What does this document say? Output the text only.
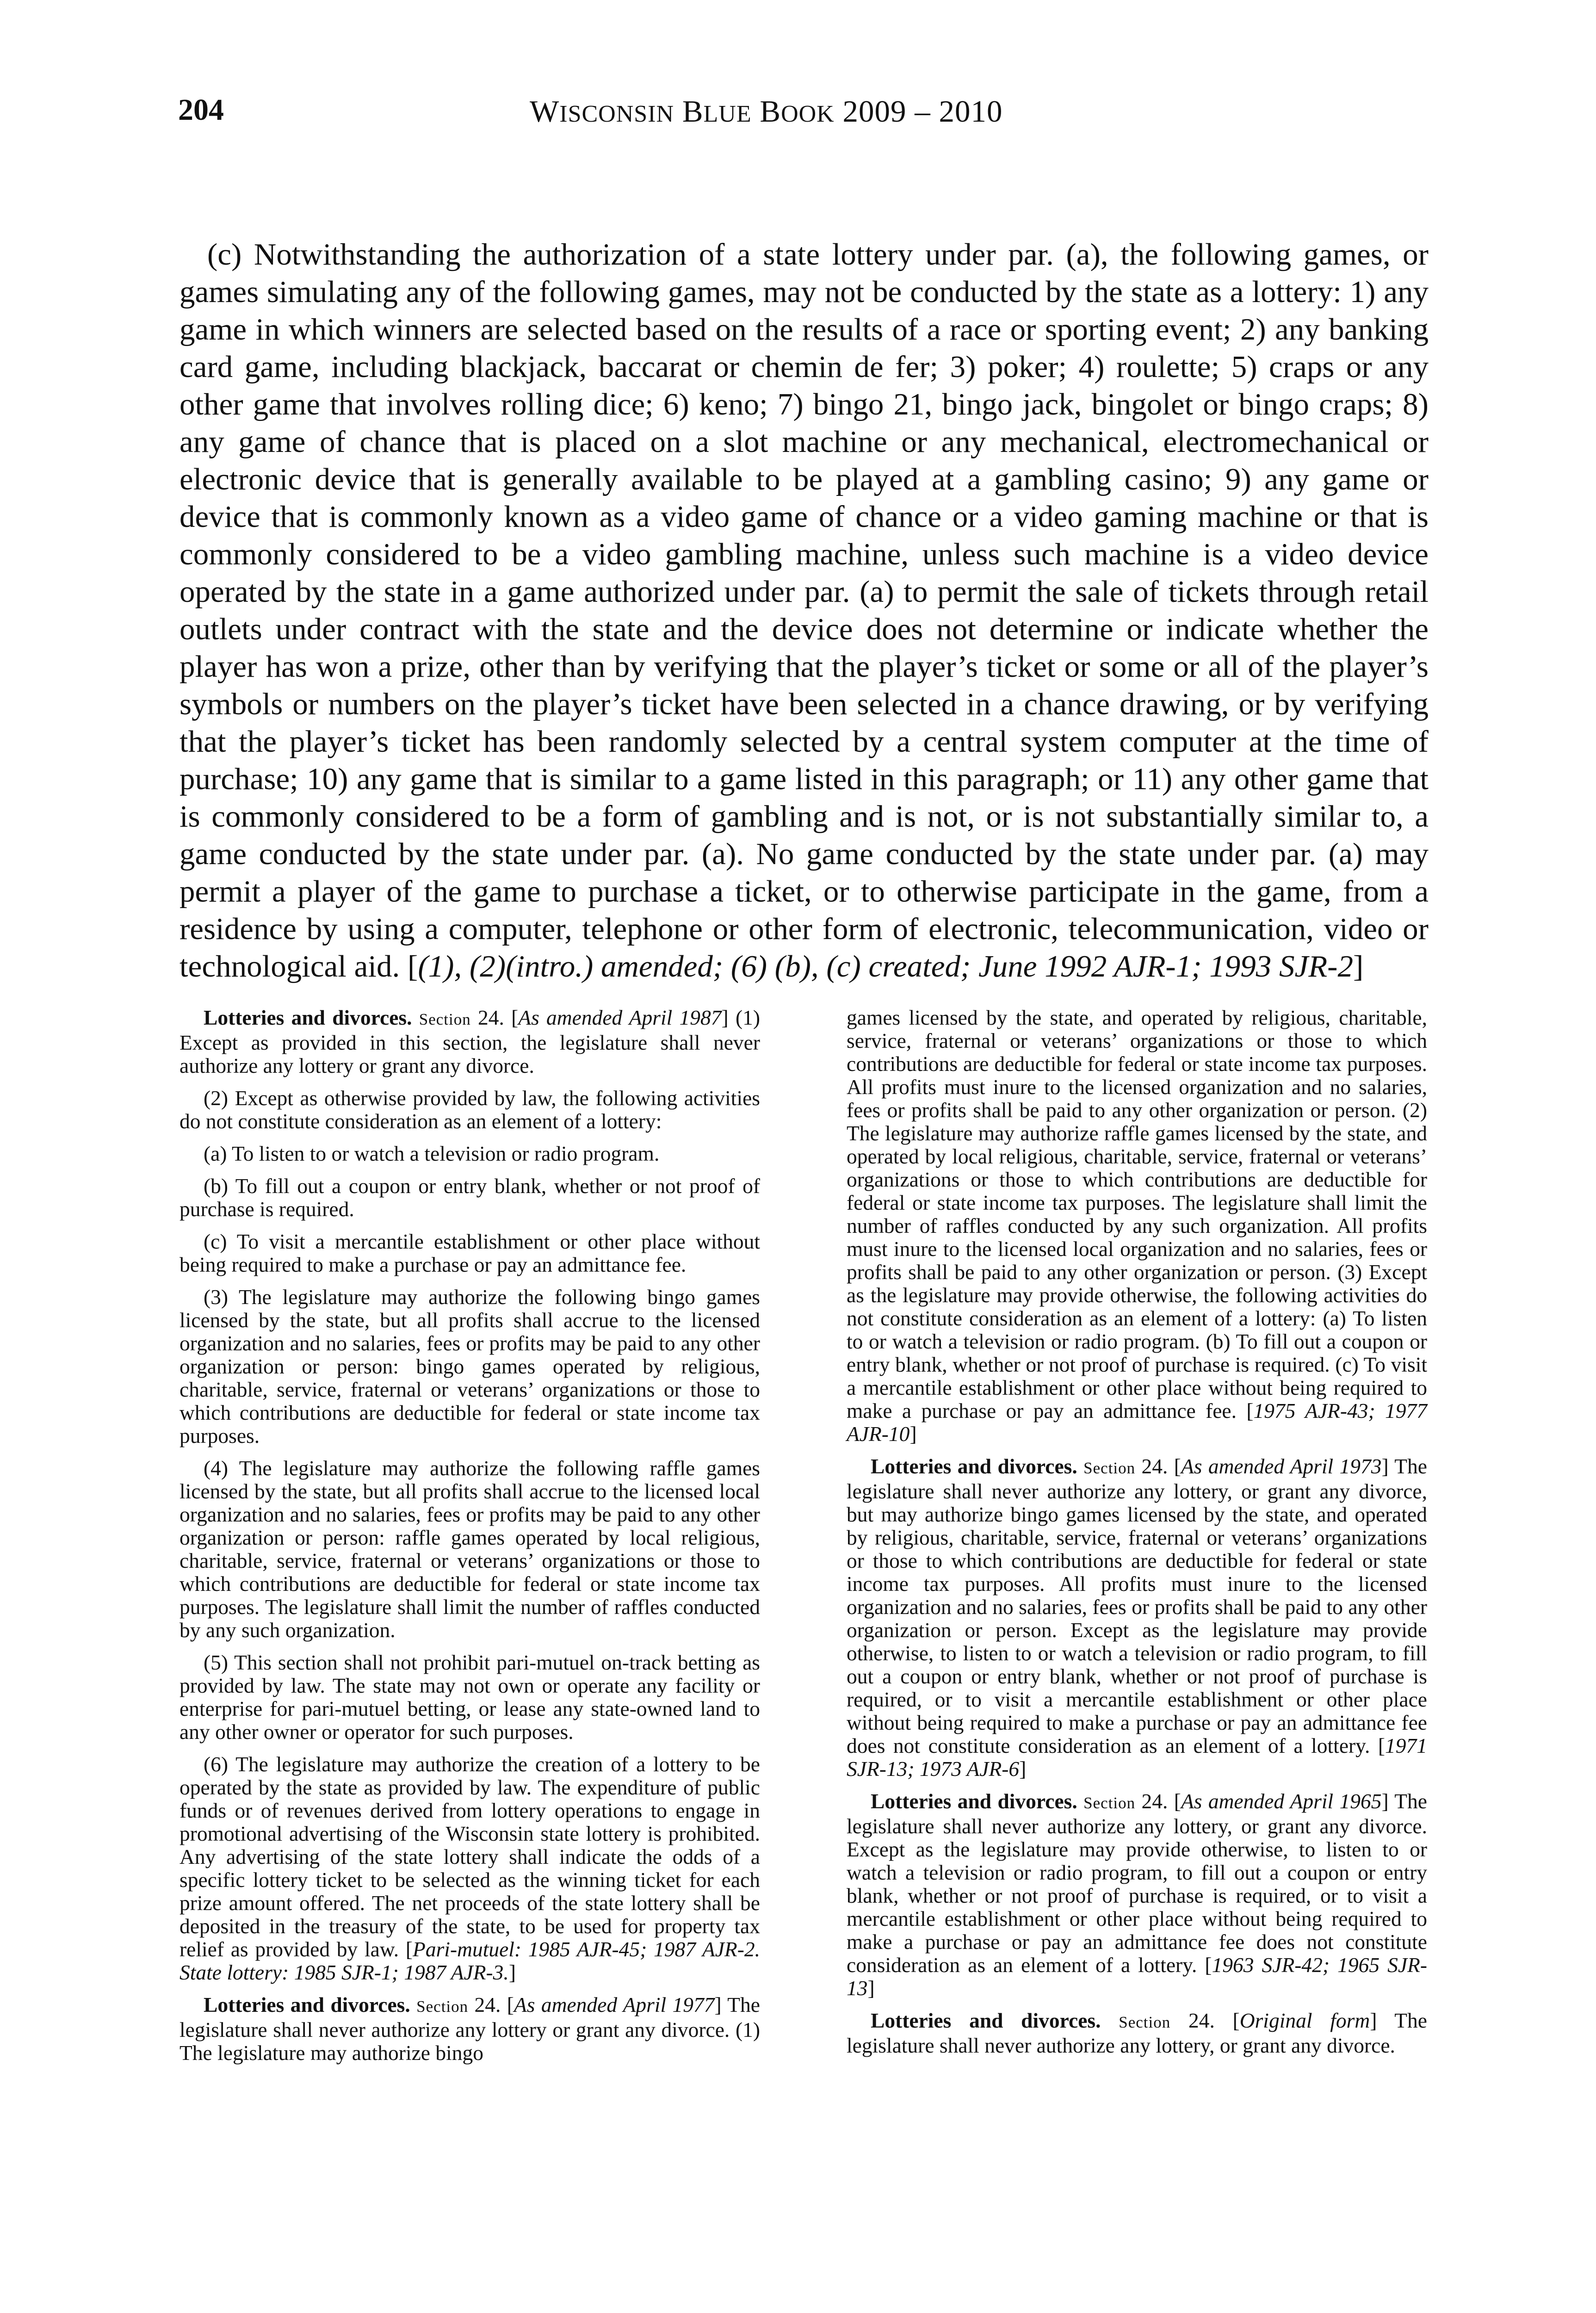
204	WISCONSIN BLUE BOOK 2009 – 2010

(c) Notwithstanding the authorization of a state lottery under par. (a), the following games, or games simulating any of the following games, may not be conducted by the state as a lottery: 1) any game in which winners are selected based on the results of a race or sporting event; 2) any banking card game, including blackjack, baccarat or chemin de fer; 3) poker; 4) roulette; 5) craps or any other game that involves rolling dice; 6) keno; 7) bingo 21, bingo jack, bingolet or bingo craps; 8) any game of chance that is placed on a slot machine or any mechanical, electromechanical or electronic device that is generally available to be played at a gambling casino; 9) any game or device that is commonly known as a video game of chance or a video gaming machine or that is commonly considered to be a video gambling machine, unless such machine is a video device operated by the state in a game authorized under par. (a) to permit the sale of tickets through retail outlets under contract with the state and the device does not determine or indicate whether the player has won a prize, other than by verifying that the player’s ticket or some or all of the player’s symbols or numbers on the player’s ticket have been selected in a chance drawing, or by verifying that the player’s ticket has been randomly selected by a central system computer at the time of purchase; 10) any game that is similar to a game listed in this paragraph; or 11) any other game that is commonly considered to be a form of gambling and is not, or is not substantially similar to, a game conducted by the state under par. (a). No game conducted by the state under par. (a) may permit a player of the game to purchase a ticket, or to otherwise participate in the game, from a residence by using a computer, telephone or other form of electronic, telecommunication, video or technological aid. [(1), (2)(intro.) amended; (6) (b), (c) created; June 1992 AJR-1; 1993 SJR-2]

Lotteries and divorces. Section 24. [As amended April 1987] (1) Except as provided in this section, the legislature shall never authorize any lottery or grant any divorce.

(2) Except as otherwise provided by law, the following activities do not constitute consideration as an element of a lottery:

(a) To listen to or watch a television or radio program.

(b) To fill out a coupon or entry blank, whether or not proof of purchase is required.

(c) To visit a mercantile establishment or other place without being required to make a purchase or pay an admittance fee.

(3) The legislature may authorize the following bingo games licensed by the state, but all profits shall accrue to the licensed organization and no salaries, fees or profits may be paid to any other organization or person: bingo games operated by religious, charitable, service, fraternal or veterans’ organizations or those to which contributions are deductible for federal or state income tax purposes.

(4) The legislature may authorize the following raffle games licensed by the state, but all profits shall accrue to the licensed local organization and no salaries, fees or profits may be paid to any other organization or person: raffle games operated by local religious, charitable, service, fraternal or veterans’ organizations or those to which contributions are deductible for federal or state income tax purposes. The legislature shall limit the number of raffles conducted by any such organization.

(5) This section shall not prohibit pari-mutuel on-track betting as provided by law. The state may not own or operate any facility or enterprise for pari-mutuel betting, or lease any state-owned land to any other owner or operator for such purposes.

(6) The legislature may authorize the creation of a lottery to be operated by the state as provided by law. The expenditure of public funds or of revenues derived from lottery operations to engage in promotional advertising of the Wisconsin state lottery is prohibited. Any advertising of the state lottery shall indicate the odds of a specific lottery ticket to be selected as the winning ticket for each prize amount offered. The net proceeds of the state lottery shall be deposited in the treasury of the state, to be used for property tax relief as provided by law. [Pari-mutuel: 1985 AJR-45; 1987 AJR-2. State lottery: 1985 SJR-1; 1987 AJR-3.]

Lotteries and divorces. Section 24. [As amended April 1977] The legislature shall never authorize any lottery or grant any divorce. (1) The legislature may authorize bingo

games licensed by the state, and operated by religious, charitable, service, fraternal or veterans’ organizations or those to which contributions are deductible for federal or state income tax purposes. All profits must inure to the licensed organization and no salaries, fees or profits shall be paid to any other organization or person. (2) The legislature may authorize raffle games licensed by the state, and operated by local religious, charitable, service, fraternal or veterans’ organizations or those to which contributions are deductible for federal or state income tax purposes. The legislature shall limit the number of raffles conducted by any such organization. All profits must inure to the licensed local organization and no salaries, fees or profits shall be paid to any other organization or person. (3) Except as the legislature may provide otherwise, the following activities do not constitute consideration as an element of a lottery: (a) To listen to or watch a television or radio program. (b) To fill out a coupon or entry blank, whether or not proof of purchase is required. (c) To visit a mercantile establishment or other place without being required to make a purchase or pay an admittance fee. [1975 AJR-43; 1977 AJR-10]

Lotteries and divorces. Section 24. [As amended April 1973] The legislature shall never authorize any lottery, or grant any divorce, but may authorize bingo games licensed by the state, and operated by religious, charitable, service, fraternal or veterans’ organizations or those to which contributions are deductible for federal or state income tax purposes. All profits must inure to the licensed organization and no salaries, fees or profits shall be paid to any other organization or person. Except as the legislature may provide otherwise, to listen to or watch a television or radio program, to fill out a coupon or entry blank, whether or not proof of purchase is required, or to visit a mercantile establishment or other place without being required to make a purchase or pay an admittance fee does not constitute consideration as an element of a lottery. [1971 SJR-13; 1973 AJR-6]

Lotteries and divorces. Section 24. [As amended April 1965] The legislature shall never authorize any lottery, or grant any divorce. Except as the legislature may provide otherwise, to listen to or watch a television or radio program, to fill out a coupon or entry blank, whether or not proof of purchase is required, or to visit a mercantile establishment or other place without being required to make a purchase or pay an admittance fee does not constitute consideration as an element of a lottery. [1963 SJR-42; 1965 SJR-13]

Lotteries and divorces. Section 24. [Original form] The legislature shall never authorize any lottery, or grant any divorce.
